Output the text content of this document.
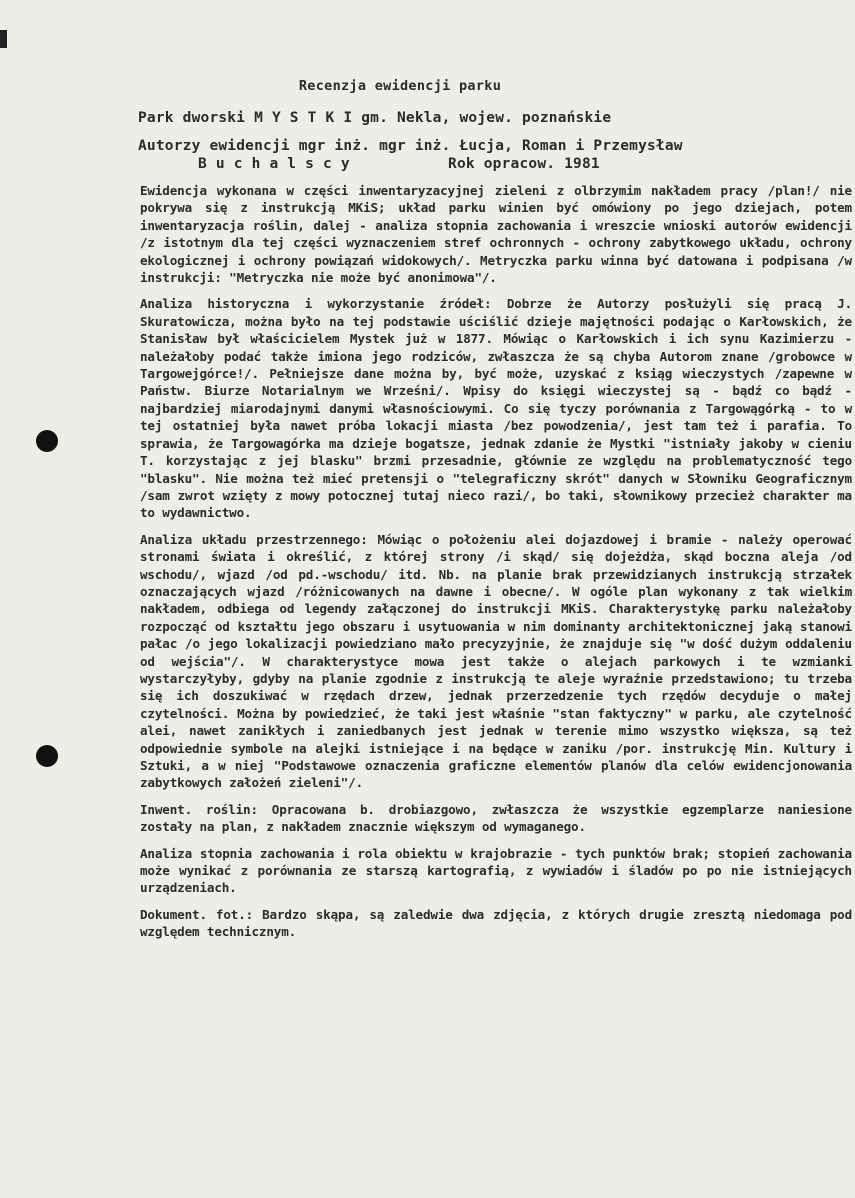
Recenzja ewidencji parku
Park dworski M Y S T K I gm. Nekla, wojew. poznańskie
Autorzy ewidencji mgr inż. mgr inż. Łucja, Roman i Przemysław
B u c h a l s c y           Rok opracow. 1981

Ewidencja wykonana w części inwentaryzacyjnej zieleni z olbrzymim nakładem pracy /plan!/ nie pokrywa się z instrukcją MKiS; układ parku winien być omówiony po jego dziejach, potem inwentaryzacja roślin, dalej - analiza stopnia zachowania i wreszcie wnioski autorów ewidencji /z istotnym dla tej części wyznaczeniem stref ochronnych - ochrony zabytkowego układu, ochrony ekologicznej i ochrony powiązań widokowych/. Metryczka parku winna być datowana i podpisana /w instrukcji: "Metryczka nie może być anonimowa"/.

Analiza historyczna i wykorzystanie źródeł: Dobrze że Autorzy posłużyli się pracą J. Skuratowicza, można było na tej podstawie uściślić dzieje majętności podając o Karłowskich, że Stanisław był właścicielem Mystek już w 1877. Mówiąc o Karłowskich i ich synu Kazimierzu - należałoby podać także imiona jego rodziców, zwłaszcza że są chyba Autorom znane /grobowce w Targowejgórce!/. Pełniejsze dane można by, być może, uzyskać z ksiąg wieczystych /zapewne w Państw. Biurze Notarialnym we Wrześni/. Wpisy do księgi wieczystej są - bądź co bądź - najbardziej miarodajnymi danymi własnościowymi. Co się tyczy porównania z Targowągórką - to w tej ostatniej była nawet próba lokacji miasta /bez powodzenia/, jest tam też i parafia. To sprawia, że Targowagórka ma dzieje bogatsze, jednak zdanie że Mystki "istniały jakoby w cieniu T. korzystając z jej blasku" brzmi przesadnie, głównie ze względu na problematyczność tego "blasku". Nie można też mieć pretensji o "telegraficzny skrót" danych w Słowniku Geograficznym /sam zwrot wzięty z mowy potocznej tutaj nieco razi/, bo taki, słownikowy przecież charakter ma to wydawnictwo.

Analiza układu przestrzennego: Mówiąc o położeniu alei dojazdowej i bramie - należy operować stronami świata i określić, z której strony /i skąd/ się dojeżdża, skąd boczna aleja /od wschodu/, wjazd /od pd.-wschodu/ itd. Nb. na planie brak przewidzianych instrukcją strzałek oznaczających wjazd /różnicowanych na dawne i obecne/. W ogóle plan wykonany z tak wielkim nakładem, odbiega od legendy załączonej do instrukcji MKiS. Charakterystykę parku należałoby rozpocząć od kształtu jego obszaru i usytuowania w nim dominanty architektonicznej jaką stanowi pałac /o jego lokalizacji powiedziano mało precyzyjnie, że znajduje się "w dość dużym oddaleniu od wejścia"/. W charakterystyce mowa jest także o alejach parkowych i te wzmianki wystarczyłyby, gdyby na planie zgodnie z instrukcją te aleje wyraźnie przedstawiono; tu trzeba się ich doszukiwać w rzędach drzew, jednak przerzedzenie tych rzędów decyduje o małej czytelności. Można by powiedzieć, że taki jest właśnie "stan faktyczny" w parku, ale czytelność alei, nawet zanikłych i zaniedbanych jest jednak w terenie mimo wszystko większa, są też odpowiednie symbole na alejki istniejące i na będące w zaniku /por. instrukcję Min. Kultury i Sztuki, a w niej "Podstawowe oznaczenia graficzne elementów planów dla celów ewidencjonowania zabytkowych założeń zieleni"/.

Inwent. roślin: Opracowana b. drobiazgowo, zwłaszcza że wszystkie egzemplarze naniesione zostały na plan, z nakładem znacznie większym od wymaganego.

Analiza stopnia zachowania i rola obiektu w krajobrazie - tych punktów brak; stopień zachowania może wynikać z porównania ze starszą kartografią, z wywiadów i śladów po po nie istniejących urządzeniach.

Dokument. fot.: Bardzo skąpa, są zaledwie dwa zdjęcia, z których drugie zresztą niedomaga pod względem technicznym.
